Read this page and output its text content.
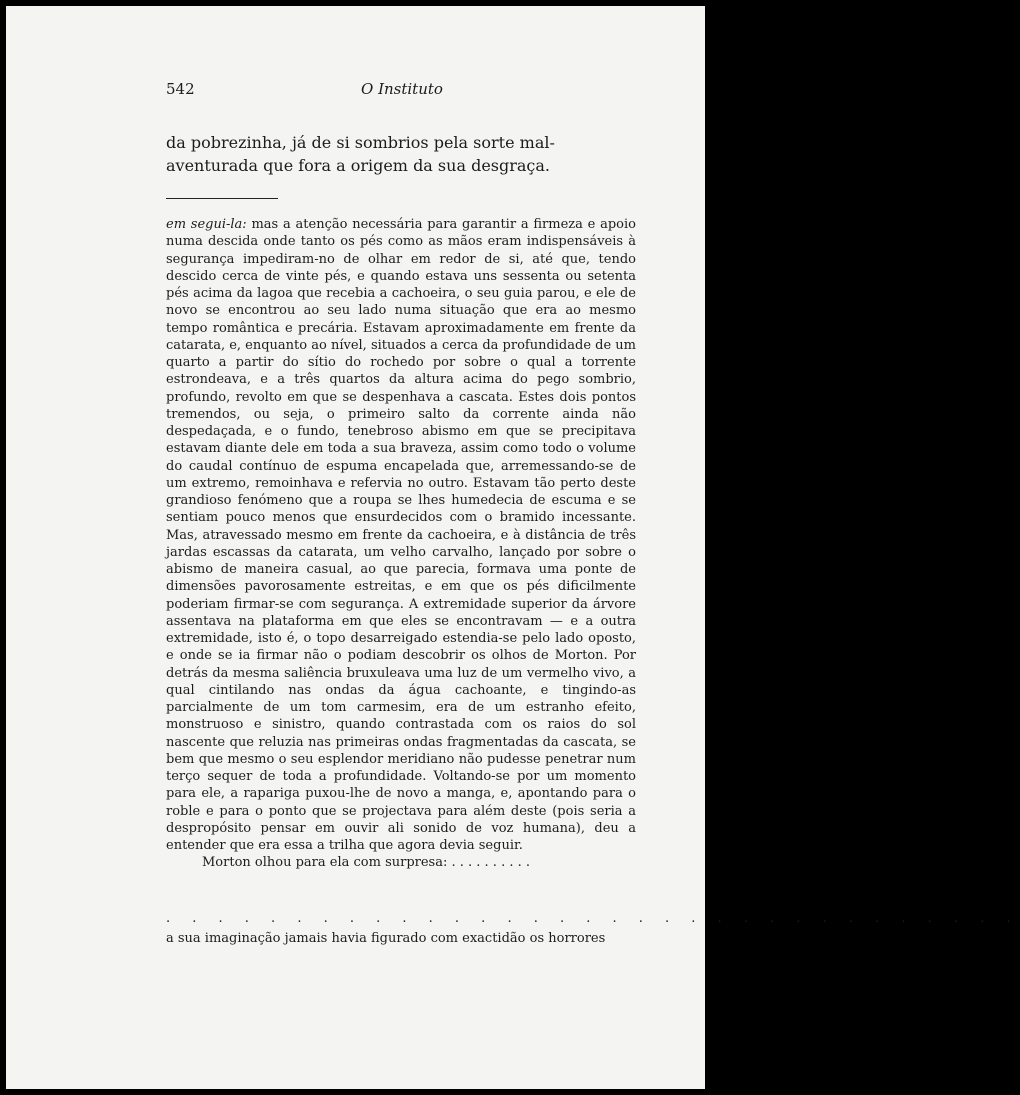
542	O Instituto

da pobrezinha, já de si sombrios pela sorte mal-aventurada que fora a origem da sua desgraça.

em segui-la: mas a atenção necessária para garantir a firmeza e apoio numa descida onde tanto os pés como as mãos eram indispensáveis à segurança impediram-no de olhar em redor de si, até que, tendo descido cerca de vinte pés, e quando estava uns sessenta ou setenta pés acima da lagoa que recebia a cachoeira, o seu guia parou, e ele de novo se encontrou ao seu lado numa situação que era ao mesmo tempo romântica e precária. Estavam aproximadamente em frente da catarata, e, enquanto ao nível, situados a cerca da profundidade de um quarto a partir do sítio do rochedo por sobre o qual a torrente estrondeava, e a três quartos da altura acima do pego sombrio, profundo, revolto em que se despenhava a cascata. Estes dois pontos tremendos, ou seja, o primeiro salto da corrente ainda não despedaçada, e o fundo, tenebroso abismo em que se precipitava estavam diante dele em toda a sua braveza, assim como todo o volume do caudal contínuo de espuma encapelada que, arremessando-se de um extremo, remoinhava e refervia no outro. Estavam tão perto deste grandioso fenómeno que a roupa se lhes humedecia de escuma e se sentiam pouco menos que ensurdecidos com o bramido incessante. Mas, atravessado mesmo em frente da cachoeira, e à distância de três jardas escassas da catarata, um velho carvalho, lançado por sobre o abismo de maneira casual, ao que parecia, formava uma ponte de dimensões pavorosamente estreitas, e em que os pés dificilmente poderiam firmar-se com segurança. A extremidade superior da árvore assentava na plataforma em que eles se encontravam — e a outra extremidade, isto é, o topo desarreigado estendia-se pelo lado oposto, e onde se ia firmar não o podiam descobrir os olhos de Morton. Por detrás da mesma saliência bruxuleava uma luz de um vermelho vivo, a qual cintilando nas ondas da água cachoante, e tingindo-as parcialmente de um tom carmesim, era de um estranho efeito, monstruoso e sinistro, quando contrastada com os raios do sol nascente que reluzia nas primeiras ondas fragmentadas da cascata, se bem que mesmo o seu esplendor meridiano não pudesse penetrar num terço sequer de toda a profundidade. Voltando-se por um momento para ele, a rapariga puxou-lhe de novo a manga, e, apontando para o roble e para o ponto que se projectava para além deste (pois seria a despropósito pensar em ouvir ali sonido de voz humana), deu a entender que era essa a trilha que agora devia seguir.

Morton olhou para ela com surpresa: . . . . . . . . . .

. . . . . . . . . . . . . . . . . . . . . . . . . . . . . . . . .
a sua imaginação jamais havia figurado com exactidão os horrores
